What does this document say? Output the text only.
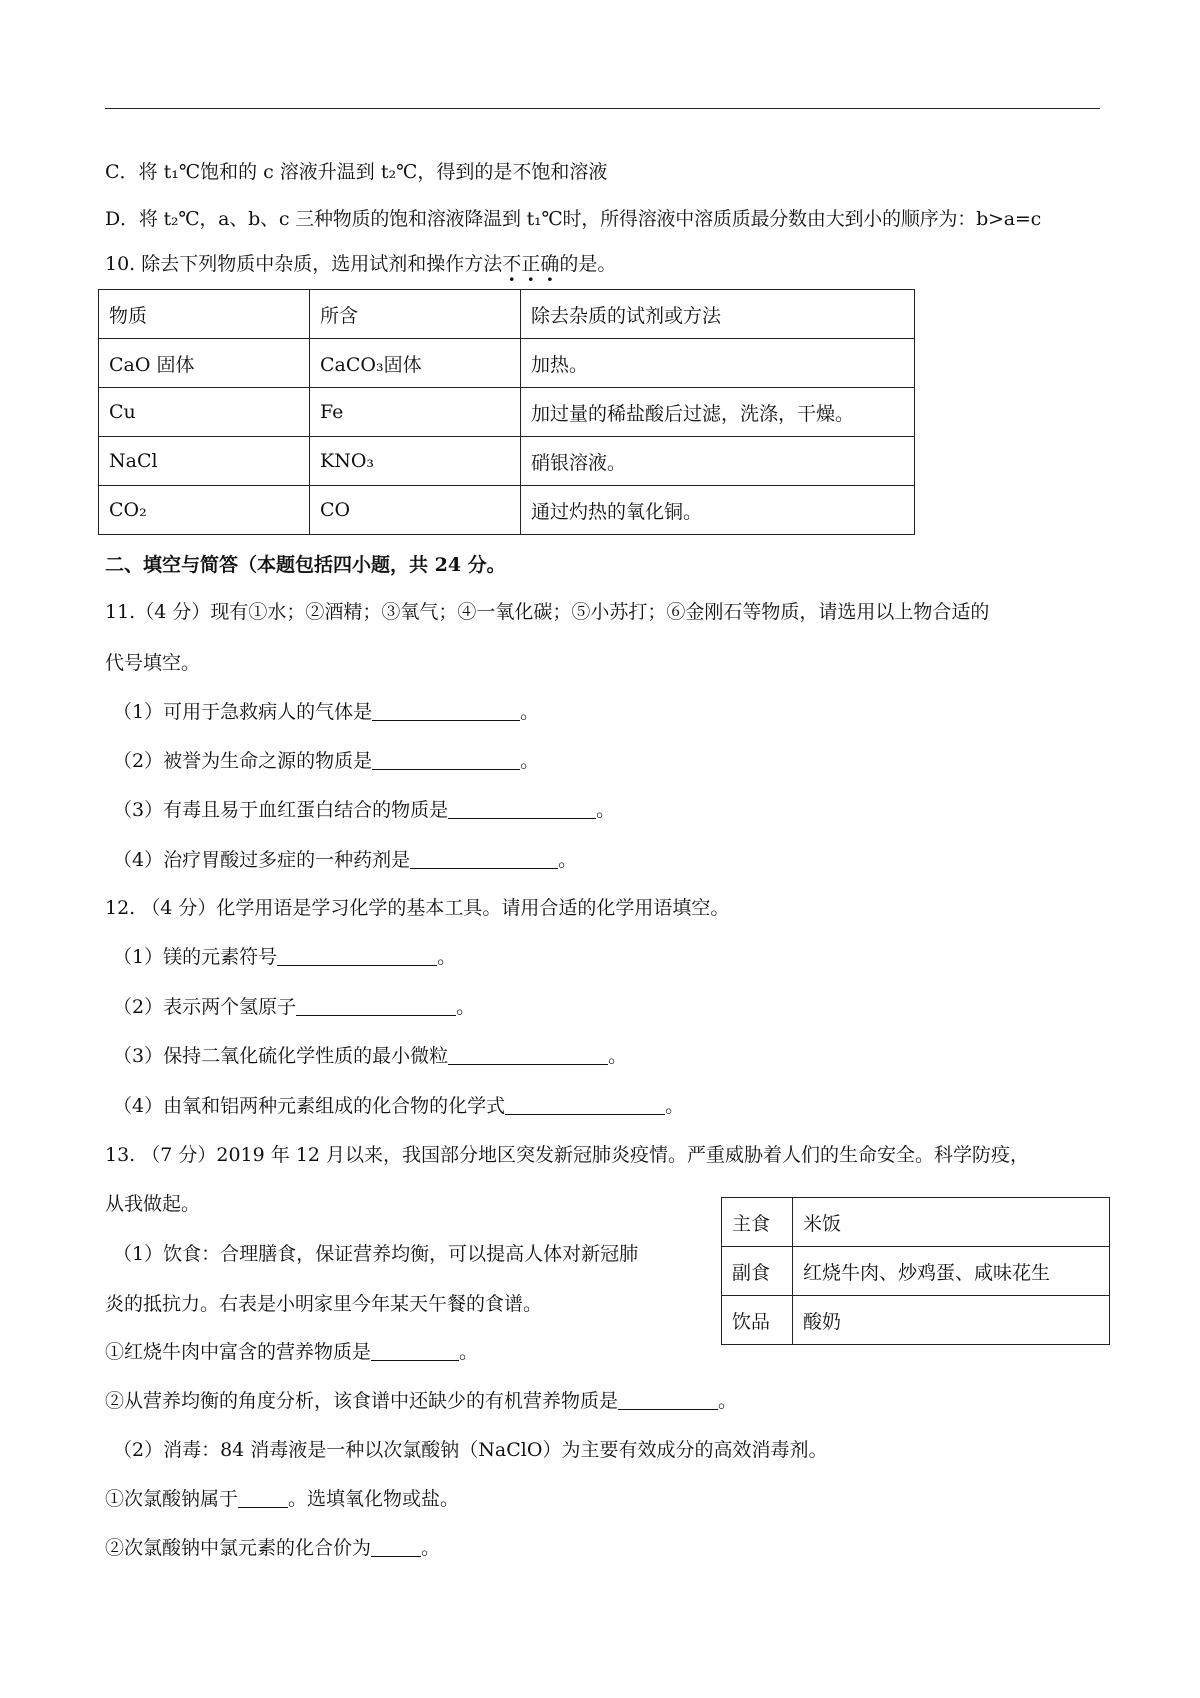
C．将 t₁℃饱和的 c 溶液升温到 t₂℃，得到的是不饱和溶液
D．将 t₂℃，a、b、c 三种物质的饱和溶液降温到 t₁℃时，所得溶液中溶质质最分数由大到小的顺序为：b>a=c
10. 除去下列物质中杂质，选用试剂和操作方法不正确的是。
物质	所含	除去杂质的试剂或方法
CaO 固体	CaCO₃固体	加热。
Cu	Fe	加过量的稀盐酸后过滤，洗涤，干燥。
NaCl	KNO₃	硝银溶液。
CO₂	CO	通过灼热的氧化铜。
二、填空与简答（本题包括四小题，共 24 分。
11.（4 分）现有①水；②酒精；③氧气；④一氧化碳；⑤小苏打；⑥金刚石等物质，请选用以上物合适的
代号填空。
（1）可用于急救病人的气体是	。
（2）被誉为生命之源的物质是	。
（3）有毒且易于血红蛋白结合的物质是	。
（4）治疗胃酸过多症的一种药剂是	。
12. （4 分）化学用语是学习化学的基本工具。请用合适的化学用语填空。
（1）镁的元素符号	。
（2）表示两个氢原子	。
（3）保持二氧化硫化学性质的最小微粒	。
（4）由氧和铝两种元素组成的化合物的化学式	。
13. （7 分）2019 年 12 月以来，我国部分地区突发新冠肺炎疫情。严重威胁着人们的生命安全。科学防疫，
从我做起。
主食	米饭
副食	红烧牛肉、炒鸡蛋、咸味花生
饮品	酸奶
（1）饮食：合理膳食，保证营养均衡，可以提高人体对新冠肺
炎的抵抗力。右表是小明家里今年某天午餐的食谱。
①红烧牛肉中富含的营养物质是	。
②从营养均衡的角度分析，该食谱中还缺少的有机营养物质是	。
（2）消毒：84 消毒液是一种以次氯酸钠（NaClO）为主要有效成分的高效消毒剂。
①次氯酸钠属于	。选填氧化物或盐。
②次氯酸钠中氯元素的化合价为	。
